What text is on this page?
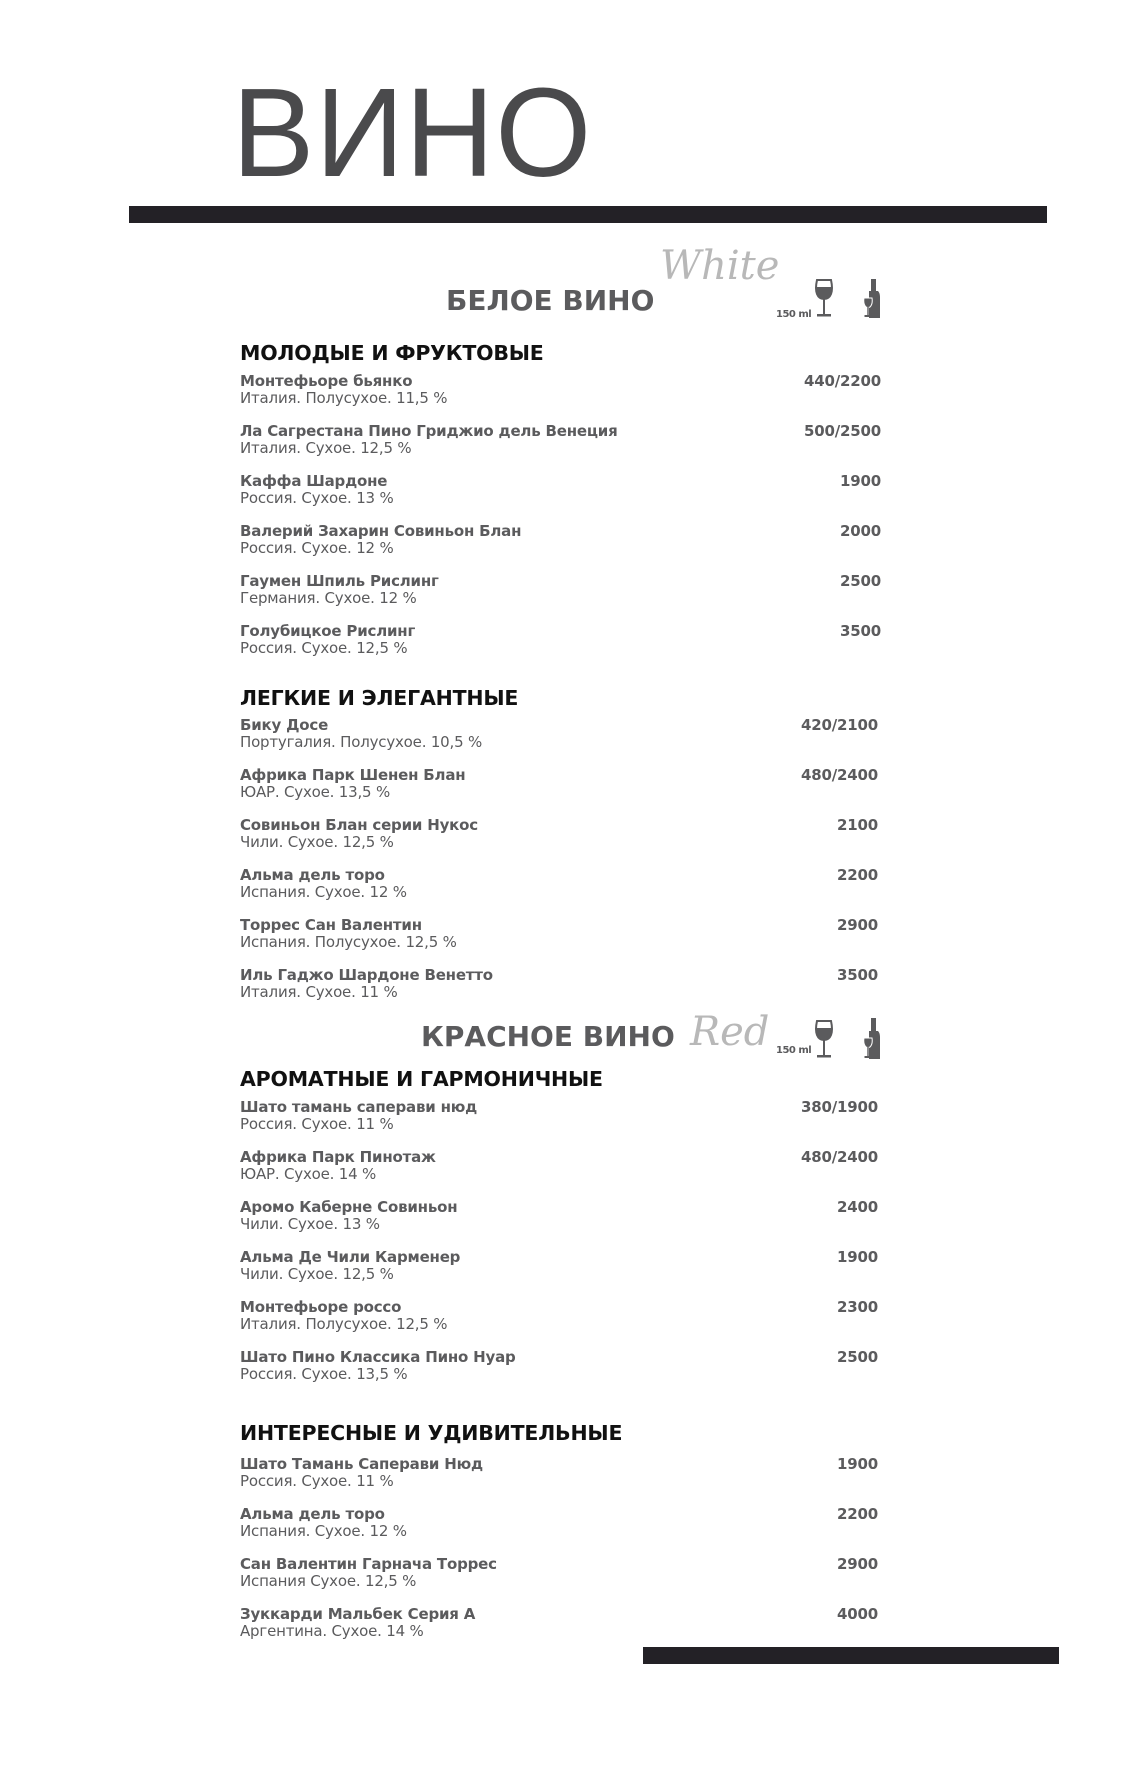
ВИНО
БЕЛОЕ ВИНО
White
150 ml
МОЛОДЫЕ И ФРУКТОВЫЕ
Монтефьоре бьянко
Италия. Полусухое. 11,5 %
440/2200
Ла Сагрестана Пино Гриджио дель Венеция
Италия. Сухое. 12,5 %
500/2500
Каффа Шардоне
Россия. Сухое. 13 %
1900
Валерий Захарин Совиньон Блан
Россия. Сухое. 12 %
2000
Гаумен Шпиль Рислинг
Германия. Сухое. 12 %
2500
Голубицкое Рислинг
Россия. Сухое. 12,5 %
3500
ЛЕГКИЕ И ЭЛЕГАНТНЫЕ
Бику Досе
Португалия. Полусухое. 10,5 %
420/2100
Африка Парк Шенен Блан
ЮАР. Сухое. 13,5 %
480/2400
Совиньон Блан серии Нукос
Чили. Сухое. 12,5 %
2100
Альма дель торо
Испания. Сухое. 12 %
2200
Торрес Сан Валентин
Испания. Полусухое. 12,5 %
2900
Иль Гаджо Шардоне Венетто
Италия. Сухое. 11 %
3500
КРАСНОЕ ВИНО Red 150 ml
АРОМАТНЫЕ И ГАРМОНИЧНЫЕ
Шато тамань саперави нюд
Россия. Сухое. 11 %
380/1900
Африка Парк Пинотаж
ЮАР. Сухое. 14 %
480/2400
Аромо Каберне Совиньон
Чили. Сухое. 13 %
2400
Альма Де Чили Карменер
Чили. Сухое. 12,5 %
1900
Монтефьоре россо
Италия. Полусухое. 12,5 %
2300
Шато Пино Классика Пино Нуар
Россия. Сухое. 13,5 %
2500
ИНТЕРЕСНЫЕ И УДИВИТЕЛЬНЫЕ
Шато Тамань Саперави Нюд
Россия. Сухое. 11 %
1900
Альма дель торо
Испания. Сухое. 12 %
2200
Сан Валентин Гарнача Торрес
Испания Сухое. 12,5 %
2900
Зуккарди Мальбек Серия А
Аргентина. Сухое. 14 %
4000
